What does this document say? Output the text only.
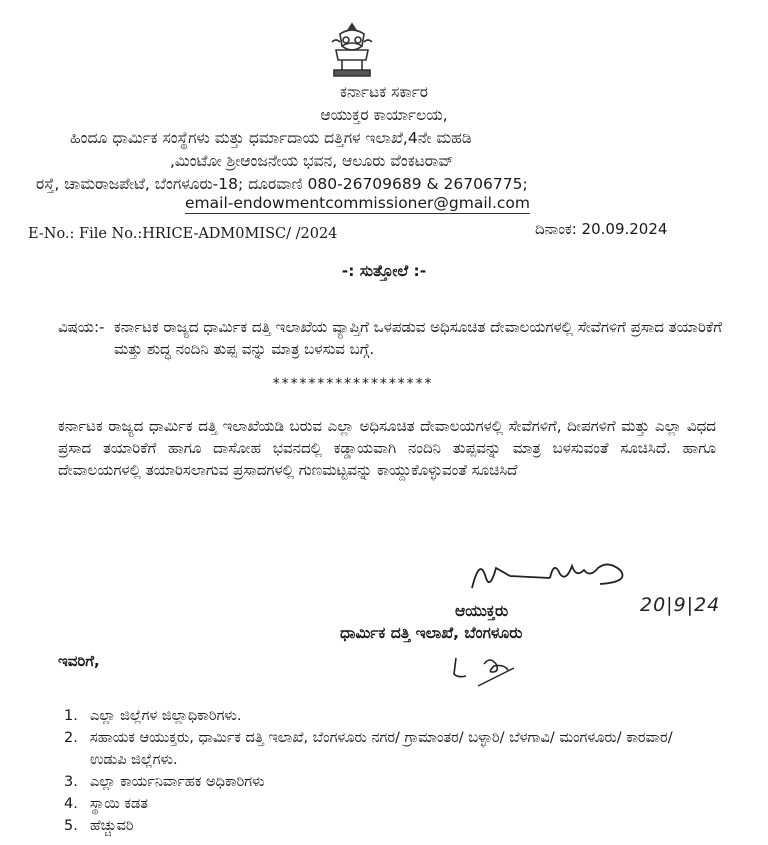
ಕರ್ನಾಟಕ ಸರ್ಕಾರ
ಆಯುಕ್ತರ ಕಾರ್ಯಾಲಯ,
ಹಿಂದೂ ಧಾರ್ಮಿಕ ಸಂಸ್ಥೆಗಳು ಮತ್ತು ಧರ್ಮಾದಾಯ ದತ್ತಿಗಳ ಇಲಾಖೆ,4ನೇ ಮಹಡಿ
,ಮಿಂಟೋ ಶ್ರೀಆಂಜನೇಯ ಭವನ, ಆಲೂರು ವೆಂಕಟರಾವ್
ರಸ್ತೆ, ಚಾಮರಾಜಪೇಟೆ, ಬೆಂಗಳೂರು-18; ದೂರವಾಣಿ 080-26709689 & 26706775;
email-endowmentcommissioner@gmail.com
E-No.: File No.:HRICE-ADM0MISC/ /2024	ದಿನಾಂಕ: 20.09.2024
-: ಸುತ್ತೋಲೆ :-
ವಿಷಯ:- ಕರ್ನಾಟಕ ರಾಜ್ಯದ ಧಾರ್ಮಿಕ ದತ್ತಿ ಇಲಾಖೆಯ ವ್ಯಾಪ್ತಿಗೆ ಒಳಪಡುವ ಅಧಿಸೂಚಿತ ದೇವಾಲಯಗಳಲ್ಲಿ ಸೇವೆಗಳಿಗೆ ಪ್ರಸಾದ ತಯಾರಿಕೆಗೆ ಮತ್ತು ಶುದ್ಧ ನಂದಿನಿ ತುಪ್ಪ ವನ್ನು ಮಾತ್ರ ಬಳಸುವ ಬಗ್ಗೆ.
******************
ಕರ್ನಾಟಕ ರಾಜ್ಯದ ಧಾರ್ಮಿಕ ದತ್ತಿ ಇಲಾಖೆಯಡಿ ಬರುವ ಎಲ್ಲಾ ಅಧಿಸೂಚಿತ ದೇವಾಲಯಗಳಲ್ಲಿ ಸೇವೆಗಳಿಗೆ, ದೀಪಗಳಿಗೆ ಮತ್ತು ಎಲ್ಲಾ ವಿಧದ ಪ್ರಸಾದ ತಯಾರಿಕೆಗೆ ಹಾಗೂ ದಾಸೋಹ ಭವನದಲ್ಲಿ ಕಡ್ಡಾಯವಾಗಿ ನಂದಿನಿ ತುಪ್ಪವನ್ನು ಮಾತ್ರ ಬಳಸುವಂತೆ ಸೂಚಿಸಿದೆ. ಹಾಗೂ ದೇವಾಲಯಗಳಲ್ಲಿ ತಯಾರಿಸಲಾಗುವ ಪ್ರಸಾದಗಳಲ್ಲಿ ಗುಣಮಟ್ಟವನ್ನು ಕಾಯ್ದುಕೊಳ್ಳುವಂತೆ ಸೂಚಿಸಿದೆ
20|9|24
ಆಯುಕ್ತರು
ಧಾರ್ಮಿಕ ದತ್ತಿ ಇಲಾಖೆ, ಬೆಂಗಳೂರು
ಇವರಿಗೆ,
1. ಎಲ್ಲಾ ಜಿಲ್ಲೆಗಳ ಜಿಲ್ಲಾಧಿಕಾರಿಗಳು.
2. ಸಹಾಯಕ ಆಯುಕ್ತರು, ಧಾರ್ಮಿಕ ದತ್ತಿ ಇಲಾಖೆ, ಬೆಂಗಳೂರು ನಗರ/ ಗ್ರಾಮಾಂತರ/ ಬಳ್ಳಾರಿ/ ಬೆಳಗಾವಿ/ ಮಂಗಳೂರು/ ಕಾರವಾರ/ ಉಡುಪಿ ಜಿಲ್ಲೆಗಳು.
3. ಎಲ್ಲಾ ಕಾರ್ಯನಿರ್ವಾಹಕ ಅಧಿಕಾರಿಗಳು
4. ಸ್ಥಾಯಿ ಕಡತ
5. ಹೆಚ್ಚುವರಿ
